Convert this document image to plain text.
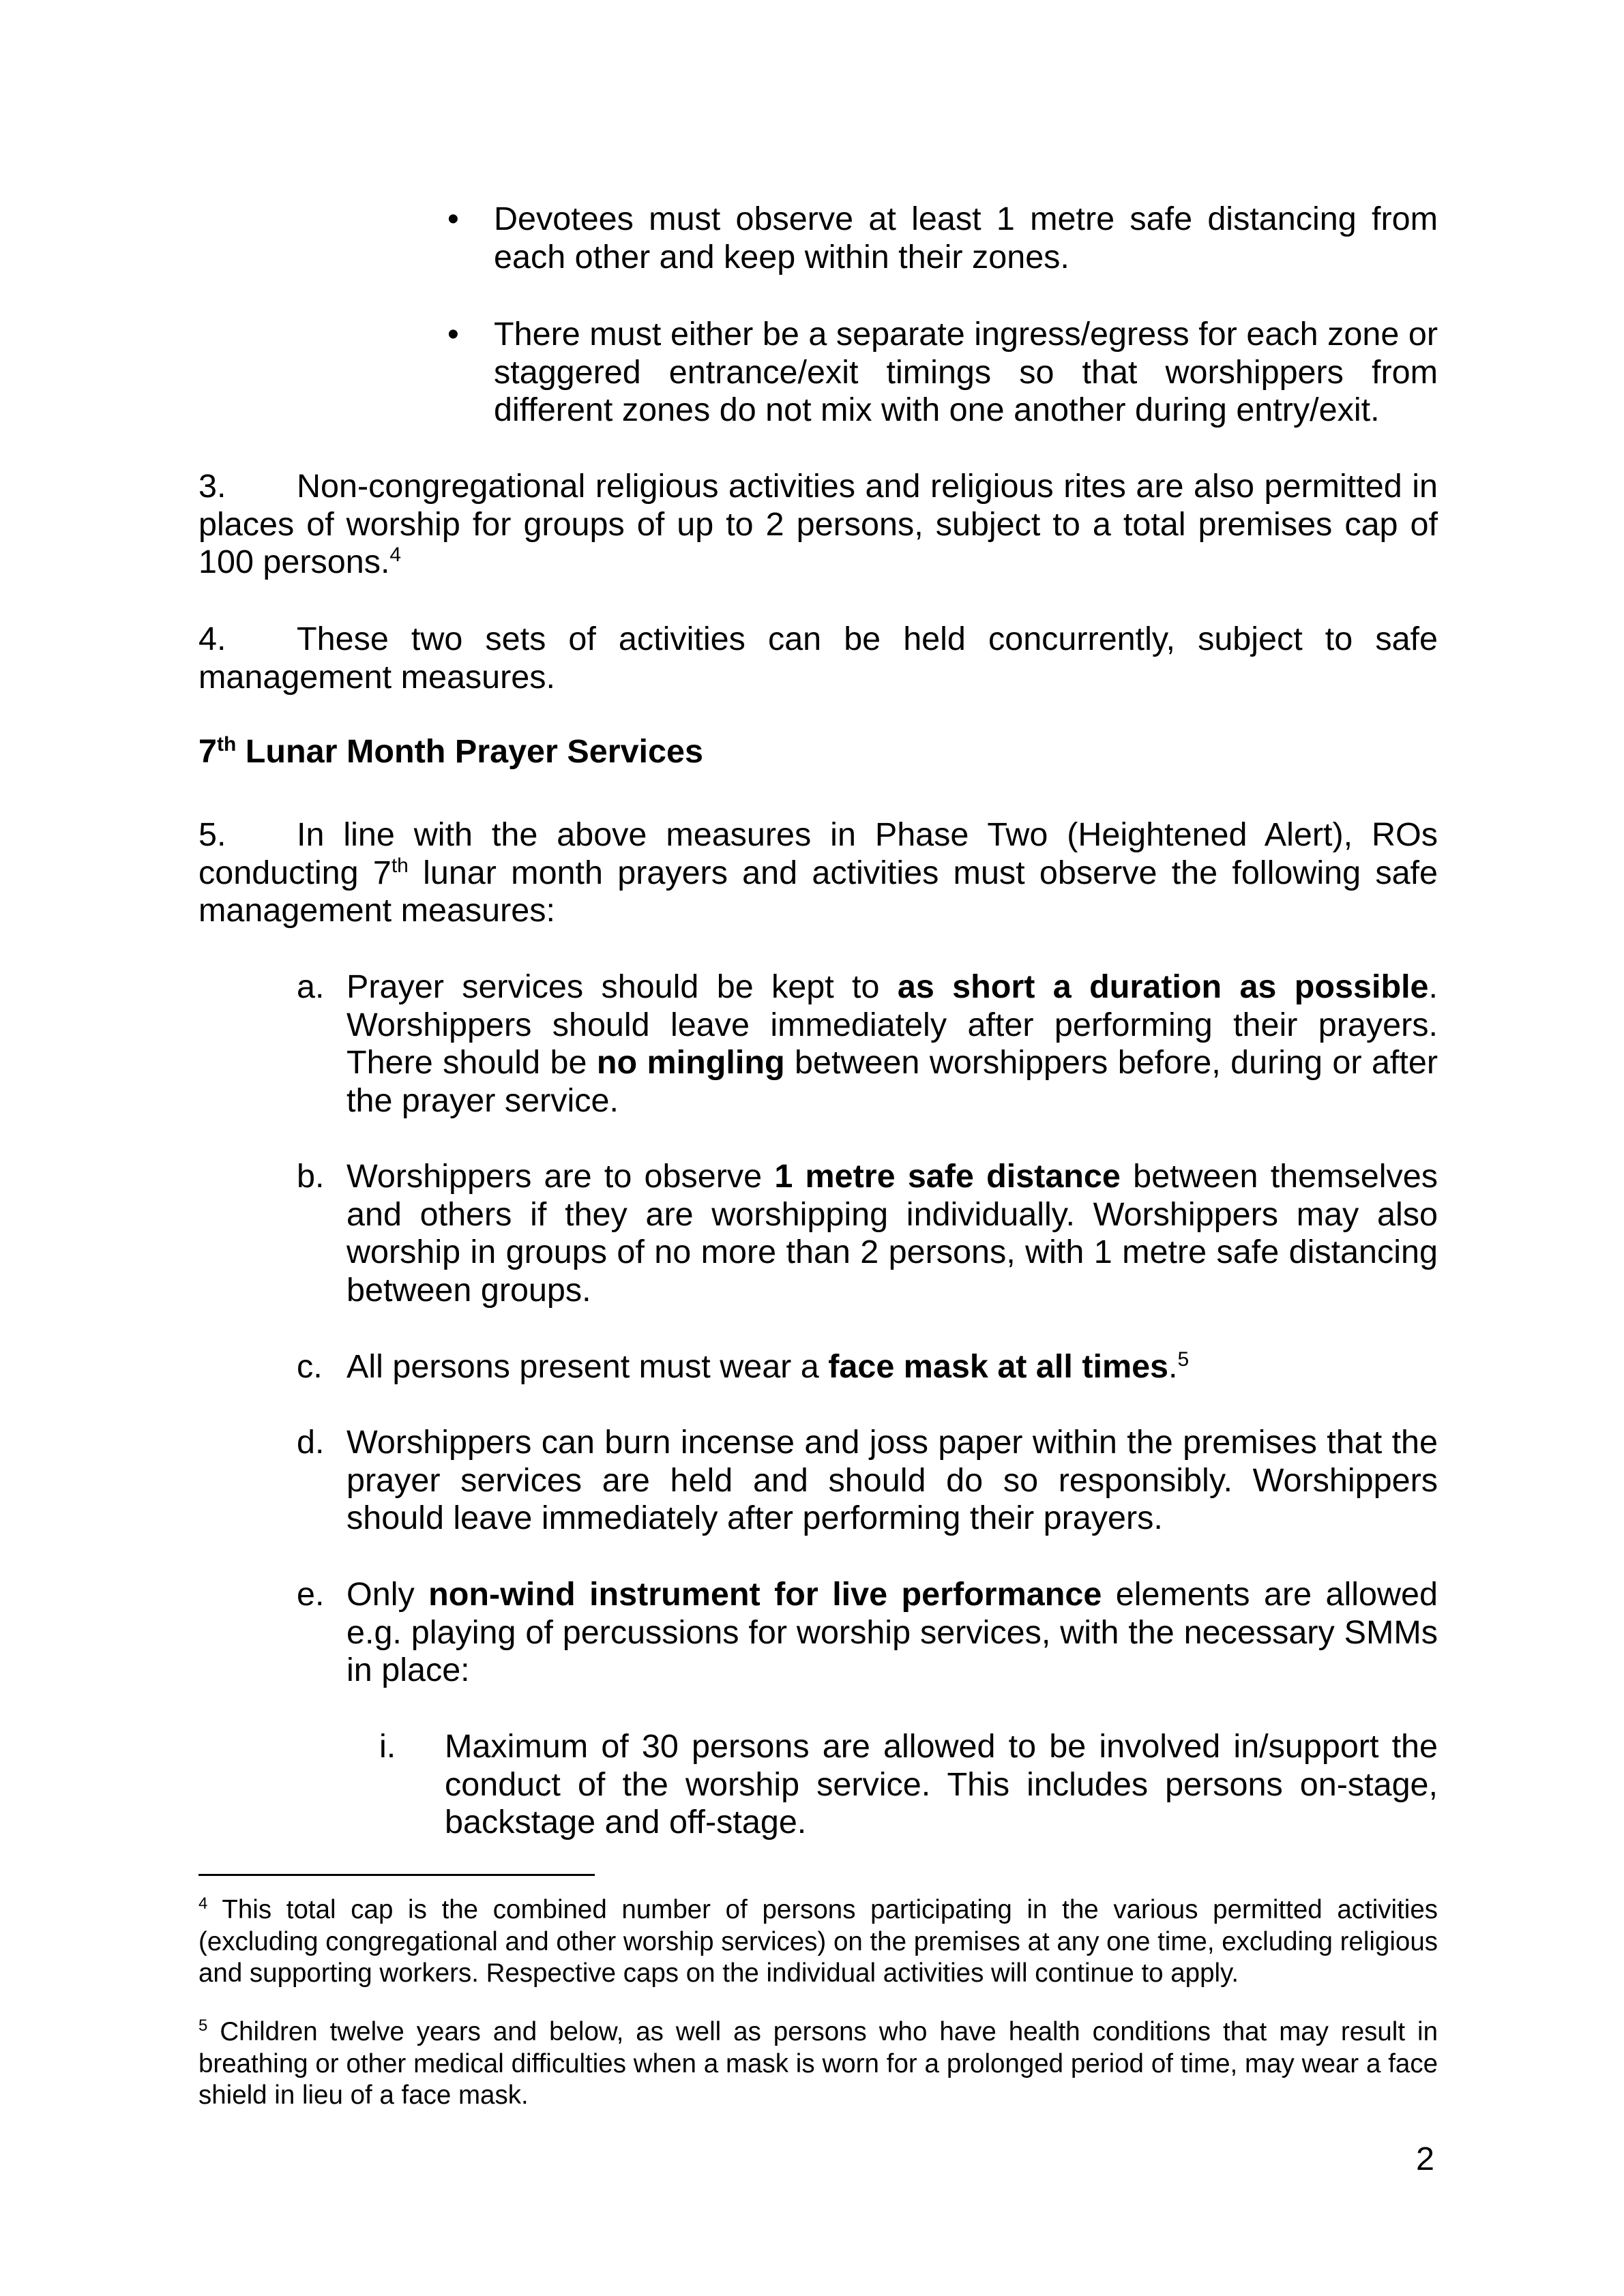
• Devotees must observe at least 1 metre safe distancing from each other and keep within their zones.
• There must either be a separate ingress/egress for each zone or staggered entrance/exit timings so that worshippers from different zones do not mix with one another during entry/exit.
3. Non-congregational religious activities and religious rites are also permitted in places of worship for groups of up to 2 persons, subject to a total premises cap of 100 persons.$^4$
4. These two sets of activities can be held concurrently, subject to safe management measures.
7th Lunar Month Prayer Services
5. In line with the above measures in Phase Two (Heightened Alert), ROs conducting 7th lunar month prayers and activities must observe the following safe management measures:
a. Prayer services should be kept to as short a duration as possible. Worshippers should leave immediately after performing their prayers. There should be no mingling between worshippers before, during or after the prayer service.
b. Worshippers are to observe 1 metre safe distance between themselves and others if they are worshipping individually. Worshippers may also worship in groups of no more than 2 persons, with 1 metre safe distancing between groups.
c. All persons present must wear a face mask at all times.$^5$
d. Worshippers can burn incense and joss paper within the premises that the prayer services are held and should do so responsibly. Worshippers should leave immediately after performing their prayers.
e. Only non-wind instrument for live performance elements are allowed e.g. playing of percussions for worship services, with the necessary SMMs in place:
i. Maximum of 30 persons are allowed to be involved in/support the conduct of the worship service. This includes persons on-stage, backstage and off-stage.
$^4$ This total cap is the combined number of persons participating in the various permitted activities (excluding congregational and other worship services) on the premises at any one time, excluding religious and supporting workers. Respective caps on the individual activities will continue to apply.
$^5$ Children twelve years and below, as well as persons who have health conditions that may result in breathing or other medical difficulties when a mask is worn for a prolonged period of time, may wear a face shield in lieu of a face mask.
2
